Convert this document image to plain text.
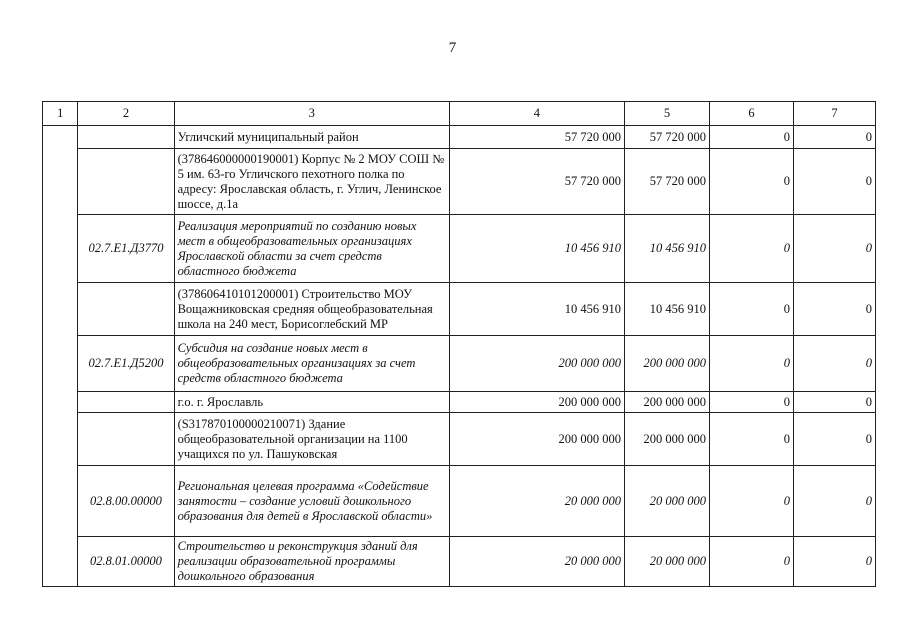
7
1	2	3	4	5	6	7
		Угличский муниципальный район	57 720 000	57 720 000	0	0
		(378646000000190001) Корпус № 2 МОУ СОШ № 5 им. 63-го Угличского пехотного полка по адресу: Ярославская область, г. Углич, Ленинское шоссе, д.1а	57 720 000	57 720 000	0	0
	02.7.E1.Д3770	Реализация мероприятий по созданию новых мест в общеобразовательных организациях Ярославской области за счет средств областного бюджета	10 456 910	10 456 910	0	0
		(378606410101200001) Строительство МОУ Вощажниковская средняя общеобразовательная школа на 240 мест, Борисоглебский МР	10 456 910	10 456 910	0	0
	02.7.E1.Д5200	Субсидия на создание новых мест в общеобразовательных организациях за счет средств областного бюджета	200 000 000	200 000 000	0	0
		г.о. г. Ярославль	200 000 000	200 000 000	0	0
		(S317870100000210071) Здание общеобразовательной организации на 1100 учащихся по ул. Пашуковская	200 000 000	200 000 000	0	0
	02.8.00.00000	Региональная целевая программа «Содействие занятости – создание условий дошкольного образования для детей в Ярославской области»	20 000 000	20 000 000	0	0
	02.8.01.00000	Строительство и реконструкция зданий для реализации образовательной программы дошкольного образования	20 000 000	20 000 000	0	0
